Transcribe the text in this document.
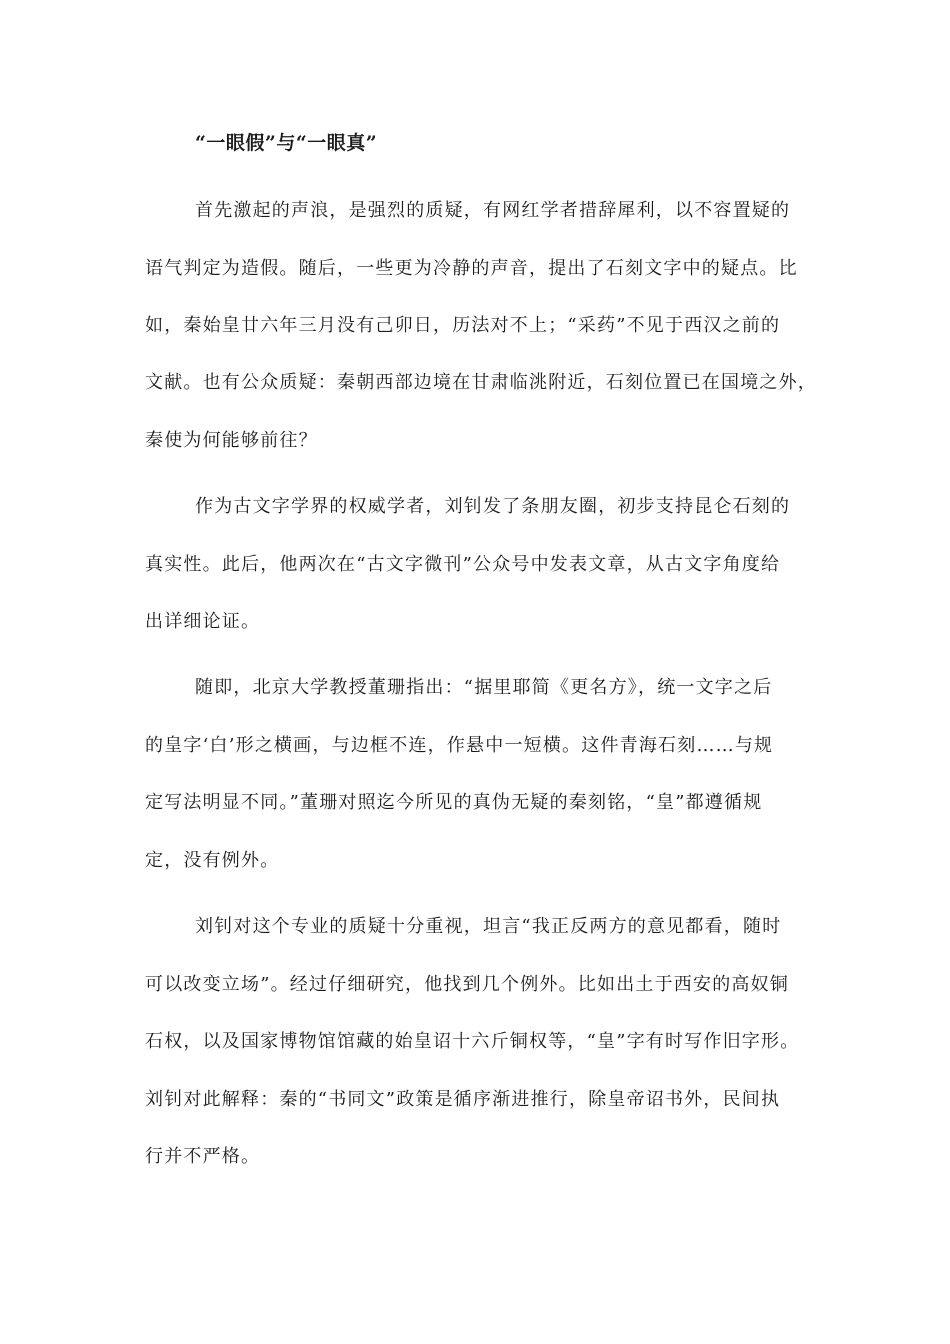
“一眼假”与“一眼真”
首先激起的声浪，是强烈的质疑，有网红学者措辞犀利，以不容置疑的
语气判定为造假。随后，一些更为冷静的声音，提出了石刻文字中的疑点。比
如，秦始皇廿六年三月没有己卯日，历法对不上；“采药”不见于西汉之前的
文献。也有公众质疑：秦朝西部边境在甘肃临洮附近，石刻位置已在国境之外，
秦使为何能够前往？
作为古文字学界的权威学者，刘钊发了条朋友圈，初步支持昆仑石刻的
真实性。此后，他两次在“古文字微刊”公众号中发表文章，从古文字角度给
出详细论证。
随即，北京大学教授董珊指出：“据里耶简《更名方》，统一文字之后
的皇字‘白’形之横画，与边框不连，作悬中一短横。这件青海石刻……与规
定写法明显不同。”董珊对照迄今所见的真伪无疑的秦刻铭，“皇”都遵循规
定，没有例外。
刘钊对这个专业的质疑十分重视，坦言“我正反两方的意见都看，随时
可以改变立场”。经过仔细研究，他找到几个例外。比如出土于西安的高奴铜
石权，以及国家博物馆馆藏的始皇诏十六斤铜权等，“皇”字有时写作旧字形。
刘钊对此解释：秦的“书同文”政策是循序渐进推行，除皇帝诏书外，民间执
行并不严格。
